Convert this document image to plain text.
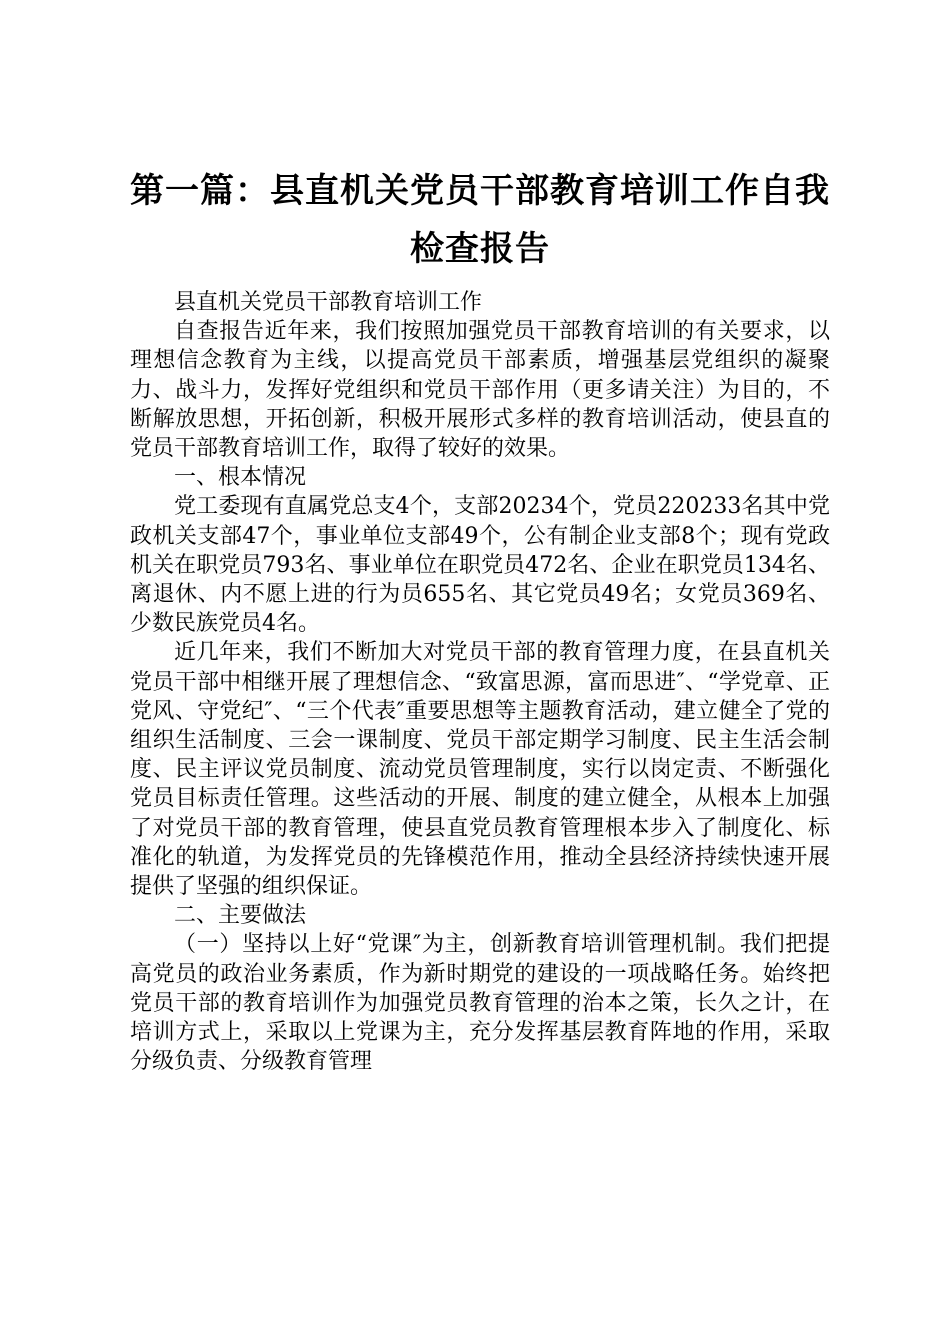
第一篇：县直机关党员干部教育培训工作自我
检查报告

县直机关党员干部教育培训工作

自查报告近年来，我们按照加强党员干部教育培训的有关要求，以理想信念教育为主线，以提高党员干部素质，增强基层党组织的凝聚力、战斗力，发挥好党组织和党员干部作用（更多请关注）为目的，不断解放思想，开拓创新，积极开展形式多样的教育培训活动，使县直的党员干部教育培训工作，取得了较好的效果。

一、根本情况

党工委现有直属党总支4个，支部20234个，党员220233名其中党政机关支部47个，事业单位支部49个，公有制企业支部8个；现有党政机关在职党员793名、事业单位在职党员472名、企业在职党员134名、离退休、内不愿上进的行为员655名、其它党员49名；女党员369名、少数民族党员4名。

近几年来，我们不断加大对党员干部的教育管理力度，在县直机关党员干部中相继开展了理想信念、“致富思源，富而思进″、“学党章、正党风、守党纪″、“三个代表″重要思想等主题教育活动，建立健全了党的组织生活制度、三会一课制度、党员干部定期学习制度、民主生活会制度、民主评议党员制度、流动党员管理制度，实行以岗定责、不断强化党员目标责任管理。这些活动的开展、制度的建立健全，从根本上加强了对党员干部的教育管理，使县直党员教育管理根本步入了制度化、标准化的轨道，为发挥党员的先锋模范作用，推动全县经济持续快速开展提供了坚强的组织保证。

二、主要做法

（一）坚持以上好“党课″为主，创新教育培训管理机制。我们把提高党员的政治业务素质，作为新时期党的建设的一项战略任务。始终把党员干部的教育培训作为加强党员教育管理的治本之策，长久之计，在培训方式上，采取以上党课为主，充分发挥基层教育阵地的作用，采取分级负责、分级教育管理
